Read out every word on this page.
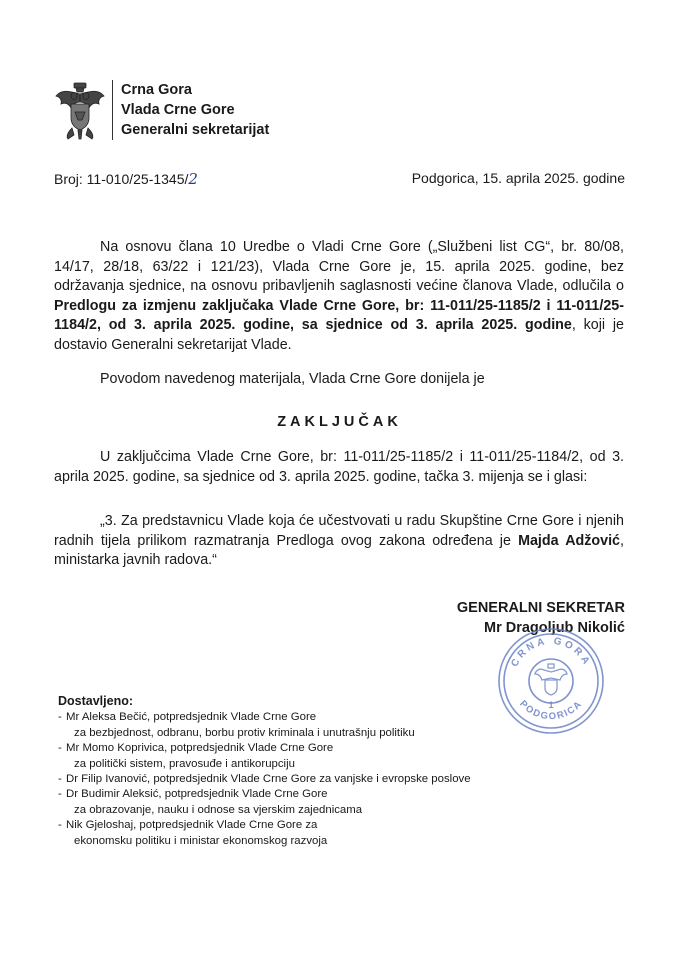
Crna Gora
Vlada Crne Gore
Generalni sekretarijat
Broj: 11-010/25-1345/2	Podgorica, 15. aprila 2025. godine
Na osnovu člana 10 Uredbe o Vladi Crne Gore („Službeni list CG“, br. 80/08, 14/17, 28/18, 63/22 i 121/23), Vlada Crne Gore je, 15. aprila 2025. godine, bez održavanja sjednice, na osnovu pribavljenih saglasnosti većine članova Vlade, odlučila o Predlogu za izmjenu zaključaka Vlade Crne Gore, br: 11-011/25-1185/2 i 11-011/25-1184/2, od 3. aprila 2025. godine, sa sjednice od 3. aprila 2025. godine, koji je dostavio Generalni sekretarijat Vlade.
Povodom navedenog materijala, Vlada Crne Gore donijela je
ZAKLJUČAK
U zaključcima Vlade Crne Gore, br: 11-011/25-1185/2 i 11-011/25-1184/2, od 3. aprila 2025. godine, sa sjednice od 3. aprila 2025. godine, tačka 3. mijenja se i glasi:
„3. Za predstavnicu Vlade koja će učestvovati u radu Skupštine Crne Gore i njenih radnih tijela prilikom razmatranja Predloga ovog zakona određena je Majda Adžović, ministarka javnih radova.“
GENERALNI SEKRETAR
Mr Dragoljub Nikolić
CRNA GORA
PODGORICA
1
Dostavljeno:
- Mr Aleksa Bečić, potpredsjednik Vlade Crne Gore
za bezbjednost, odbranu, borbu protiv kriminala i unutrašnju politiku
- Mr Momo Koprivica, potpredsjednik Vlade Crne Gore
za politički sistem, pravosuđe i antikorupciju
- Dr Filip Ivanović, potpredsjednik Vlade Crne Gore za vanjske i evropske poslove
- Dr Budimir Aleksić, potpredsjednik Vlade Crne Gore
za obrazovanje, nauku i odnose sa vjerskim zajednicama
- Nik Gjeloshaj, potpredsjednik Vlade Crne Gore za
ekonomsku politiku i ministar ekonomskog razvoja
